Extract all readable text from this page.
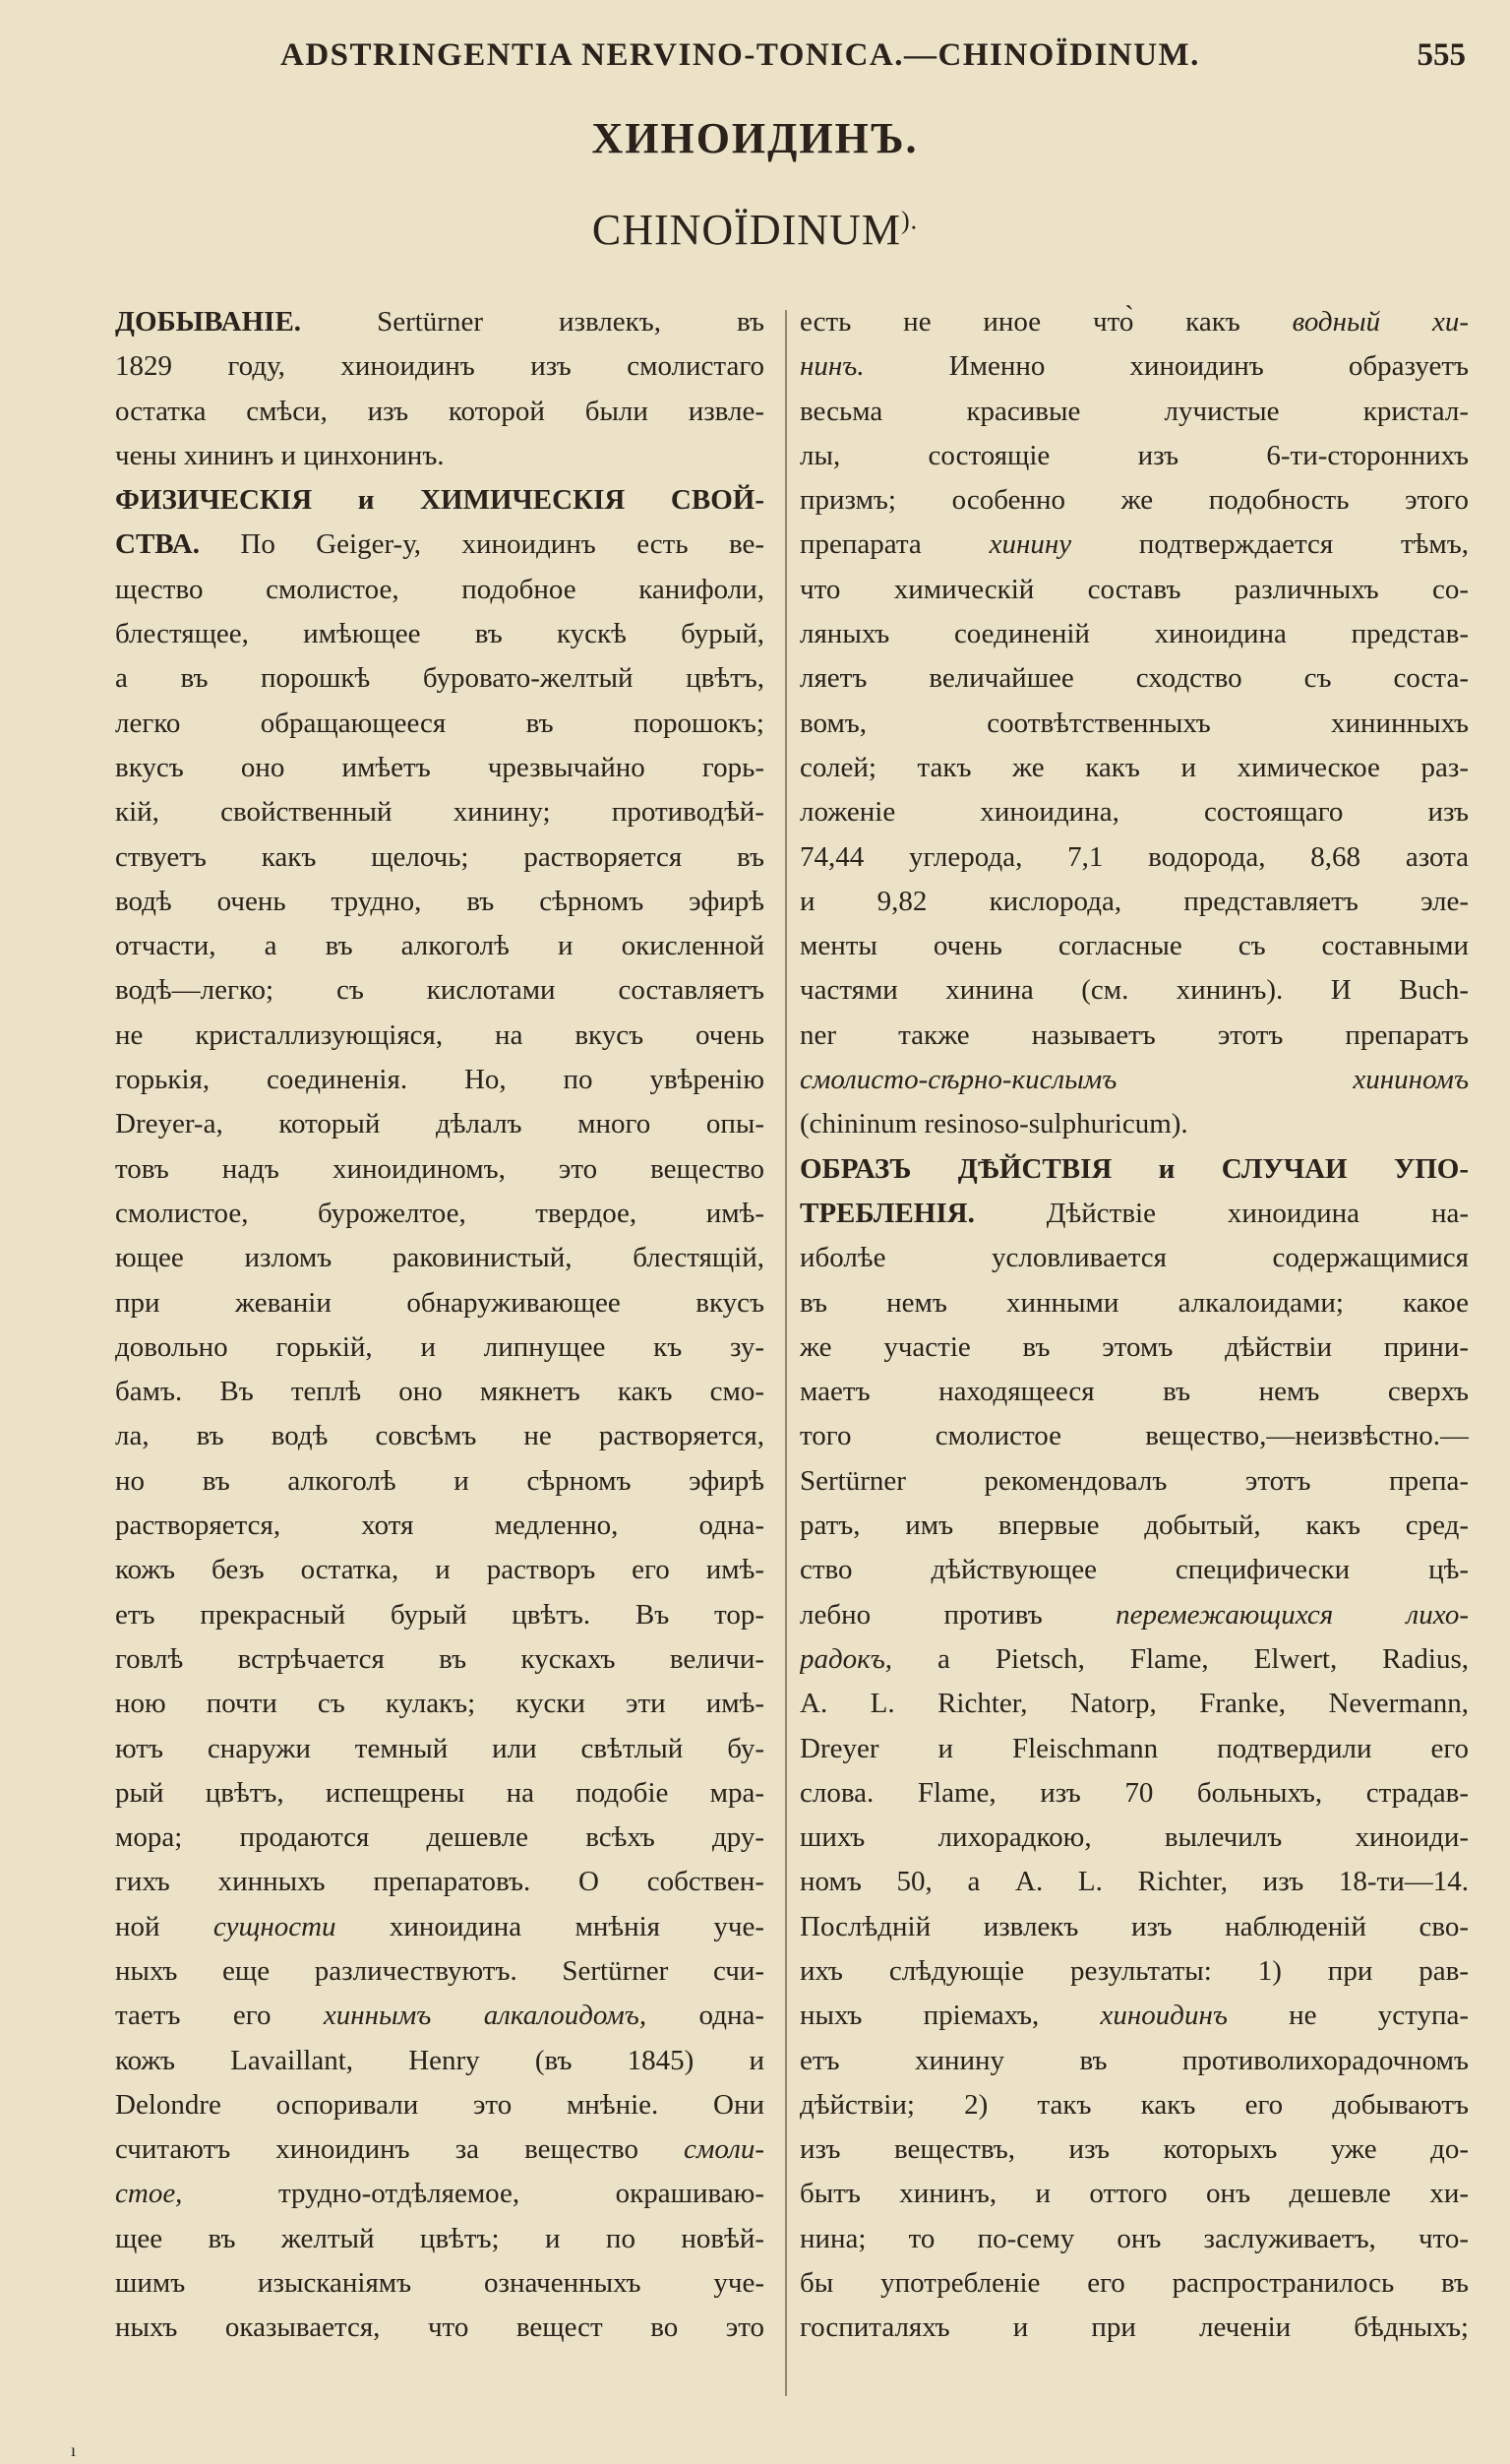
ADSTRINGENTIA NERVINO-TONICA.—CHINOÏDINUM.	555
ХИНОИДИНЪ.
CHINOÏDINUM).
ДОБЫВАНІЕ. Sertürner извлекъ, въ
1829 году, хиноидинъ изъ смолистаго
остатка смѣси, изъ которой были извле-
чены хининъ и цинхонинъ.
ФИЗИЧЕСКІЯ и ХИМИЧЕСКІЯ СВОЙ-
СТВА. По Geiger-у, хиноидинъ есть ве-
щество смолистое, подобное канифоли,
блестящее, имѣющее въ кускѣ бурый,
а въ порошкѣ буровато-желтый цвѣтъ,
легко обращающееся въ порошокъ;
вкусъ оно имѣетъ чрезвычайно горь-
кій, свойственный хинину; противодѣй-
ствуетъ какъ щелочь; растворяется въ
водѣ очень трудно, въ сѣрномъ эфирѣ
отчасти, а въ алкоголѣ и окисленной
водѣ—легко; съ кислотами составляетъ
не кристаллизующіяся, на вкусъ очень
горькія, соединенія. Но, по увѣренію
Dreyer-а, который дѣлалъ много опы-
товъ надъ хиноидиномъ, это вещество
смолистое, бурожелтое, твердое, имѣ-
ющее изломъ раковинистый, блестящій,
при жеваніи обнаруживающее вкусъ
довольно горькій, и липнущее къ зу-
бамъ. Въ теплѣ оно мякнетъ какъ смо-
ла, въ водѣ совсѣмъ не растворяется,
но въ алкоголѣ и сѣрномъ эфирѣ
растворяется, хотя медленно, одна-
кожъ безъ остатка, и растворъ его имѣ-
етъ прекрасный бурый цвѣтъ. Въ тор-
говлѣ встрѣчается въ кускахъ величи-
ною почти съ кулакъ; куски эти имѣ-
ютъ снаружи темный или свѣтлый бу-
рый цвѣтъ, испещрены на подобіе мра-
мора; продаются дешевле всѣхъ дру-
гихъ хинныхъ препаратовъ. О собствен-
ной сущности хиноидина мнѣнія уче-
ныхъ еще различествуютъ. Sertürner счи-
таетъ его хиннымъ алкалоидомъ, одна-
кожъ Lavaillant, Henry (въ 1845) и
Delondre оспоривали это мнѣніе. Они
считаютъ хиноидинъ за вещество смоли-
стое, трудно-отдѣляемое, окрашиваю-
щее въ желтый цвѣтъ; и по новѣй-
шимъ изысканіямъ означенныхъ уче-
ныхъ оказывается, что вещест во это
есть не иное что̀ какъ водный хи-
нинъ. Именно хиноидинъ образуетъ
весьма красивые лучистые кристал-
лы, состоящіе изъ 6-ти-стороннихъ
призмъ; особенно же подобность этого
препарата хинину подтверждается тѣмъ,
что химическій составъ различныхъ со-
ляныхъ соединеній хиноидина представ-
ляетъ величайшее сходство съ соста-
вомъ, соотвѣтственныхъ хининныхъ
солей; такъ же какъ и химическое раз-
ложеніе хиноидина, состоящаго изъ
74,44 углерода, 7,1 водорода, 8,68 азота
и 9,82 кислорода, представляетъ эле-
менты очень согласные съ составными
частями хинина (см. хининъ). И Buch-
ner также называетъ этотъ препаратъ
смолисто-сѣрно-кислымъ хининомъ
(chininum resinoso-sulphuricum).
ОБРАЗЪ ДѢЙСТВІЯ и СЛУЧАИ УПО-
ТРЕБЛЕНІЯ. Дѣйствіе хиноидина на-
иболѣе условливается содержащимися
въ немъ хинными алкалоидами; какое
же участіе въ этомъ дѣйствіи прини-
маетъ находящееся въ немъ сверхъ
того смолистое вещество,—неизвѣстно.—
Sertürner рекомендовалъ этотъ препа-
ратъ, имъ впервые добытый, какъ сред-
ство дѣйствующее специфически цѣ-
лебно противъ перемежающихся лихо-
радокъ, а Pietsch, Flame, Elwert, Radius,
A. L. Richter, Natorp, Franke, Nevermann,
Dreyer и Fleischmann подтвердили его
слова. Flame, изъ 70 больныхъ, страдав-
шихъ лихорадкою, вылечилъ хиноиди-
номъ 50, а A. L. Richter, изъ 18-ти—14.
Послѣдній извлекъ изъ наблюденій сво-
ихъ слѣдующіе результаты: 1) при рав-
ныхъ пріемахъ, хиноидинъ не уступа-
етъ хинину въ противолихорадочномъ
дѣйствіи; 2) такъ какъ его добываютъ
изъ веществъ, изъ которыхъ уже до-
бытъ хининъ, и оттого онъ дешевле хи-
нина; то по-сему онъ заслуживаетъ, что-
бы употребленіе его распространилось въ
госпиталяхъ и при леченіи бѣдныхъ;
ı
